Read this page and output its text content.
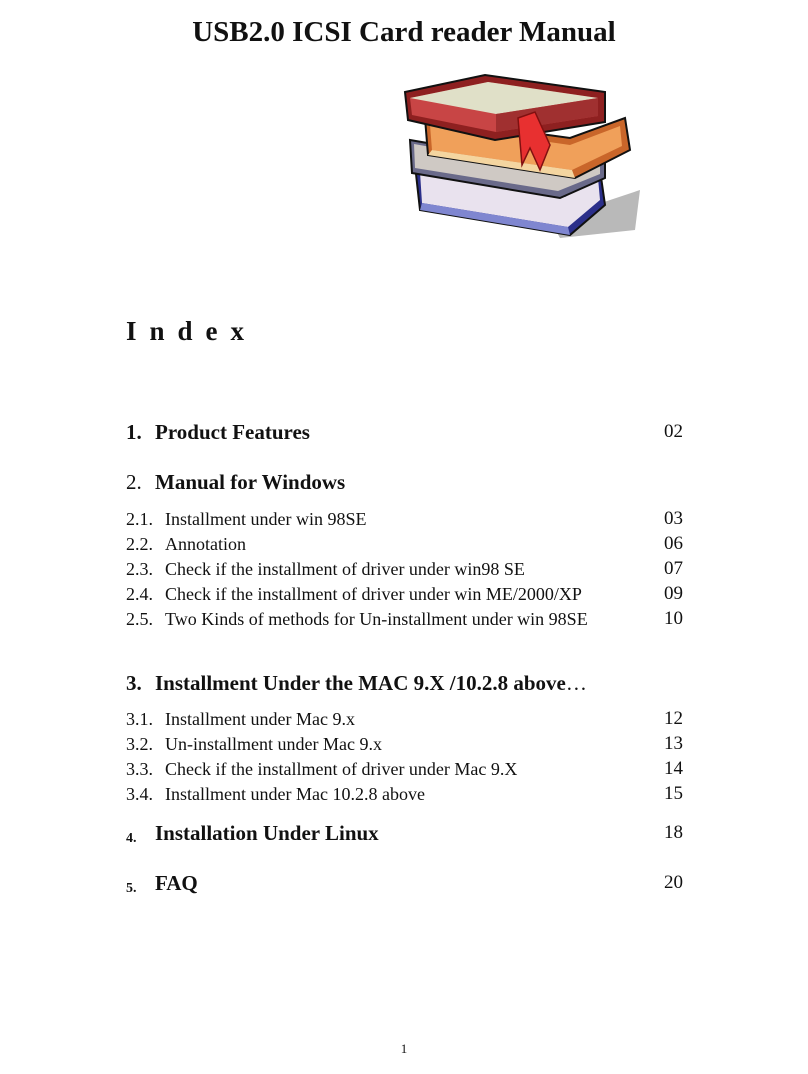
USB2.0 ICSI Card reader Manual
Index
1. Product Features	02
2. Manual for Windows
2.1. Installment under win 98SE	03
2.2. Annotation	06
2.3. Check if the installment of driver under win98 SE	07
2.4. Check if the installment of driver under win ME/2000/XP	09
2.5. Two Kinds of methods for Un-installment under win 98SE	10
3. Installment Under the MAC 9.X /10.2.8 above…
3.1. Installment under Mac 9.x	12
3.2. Un-installment under Mac 9.x	13
3.3. Check if the installment of driver under Mac 9.X	14
3.4. Installment under Mac 10.2.8 above	15
4. Installation Under Linux	18
5. FAQ	20
1
